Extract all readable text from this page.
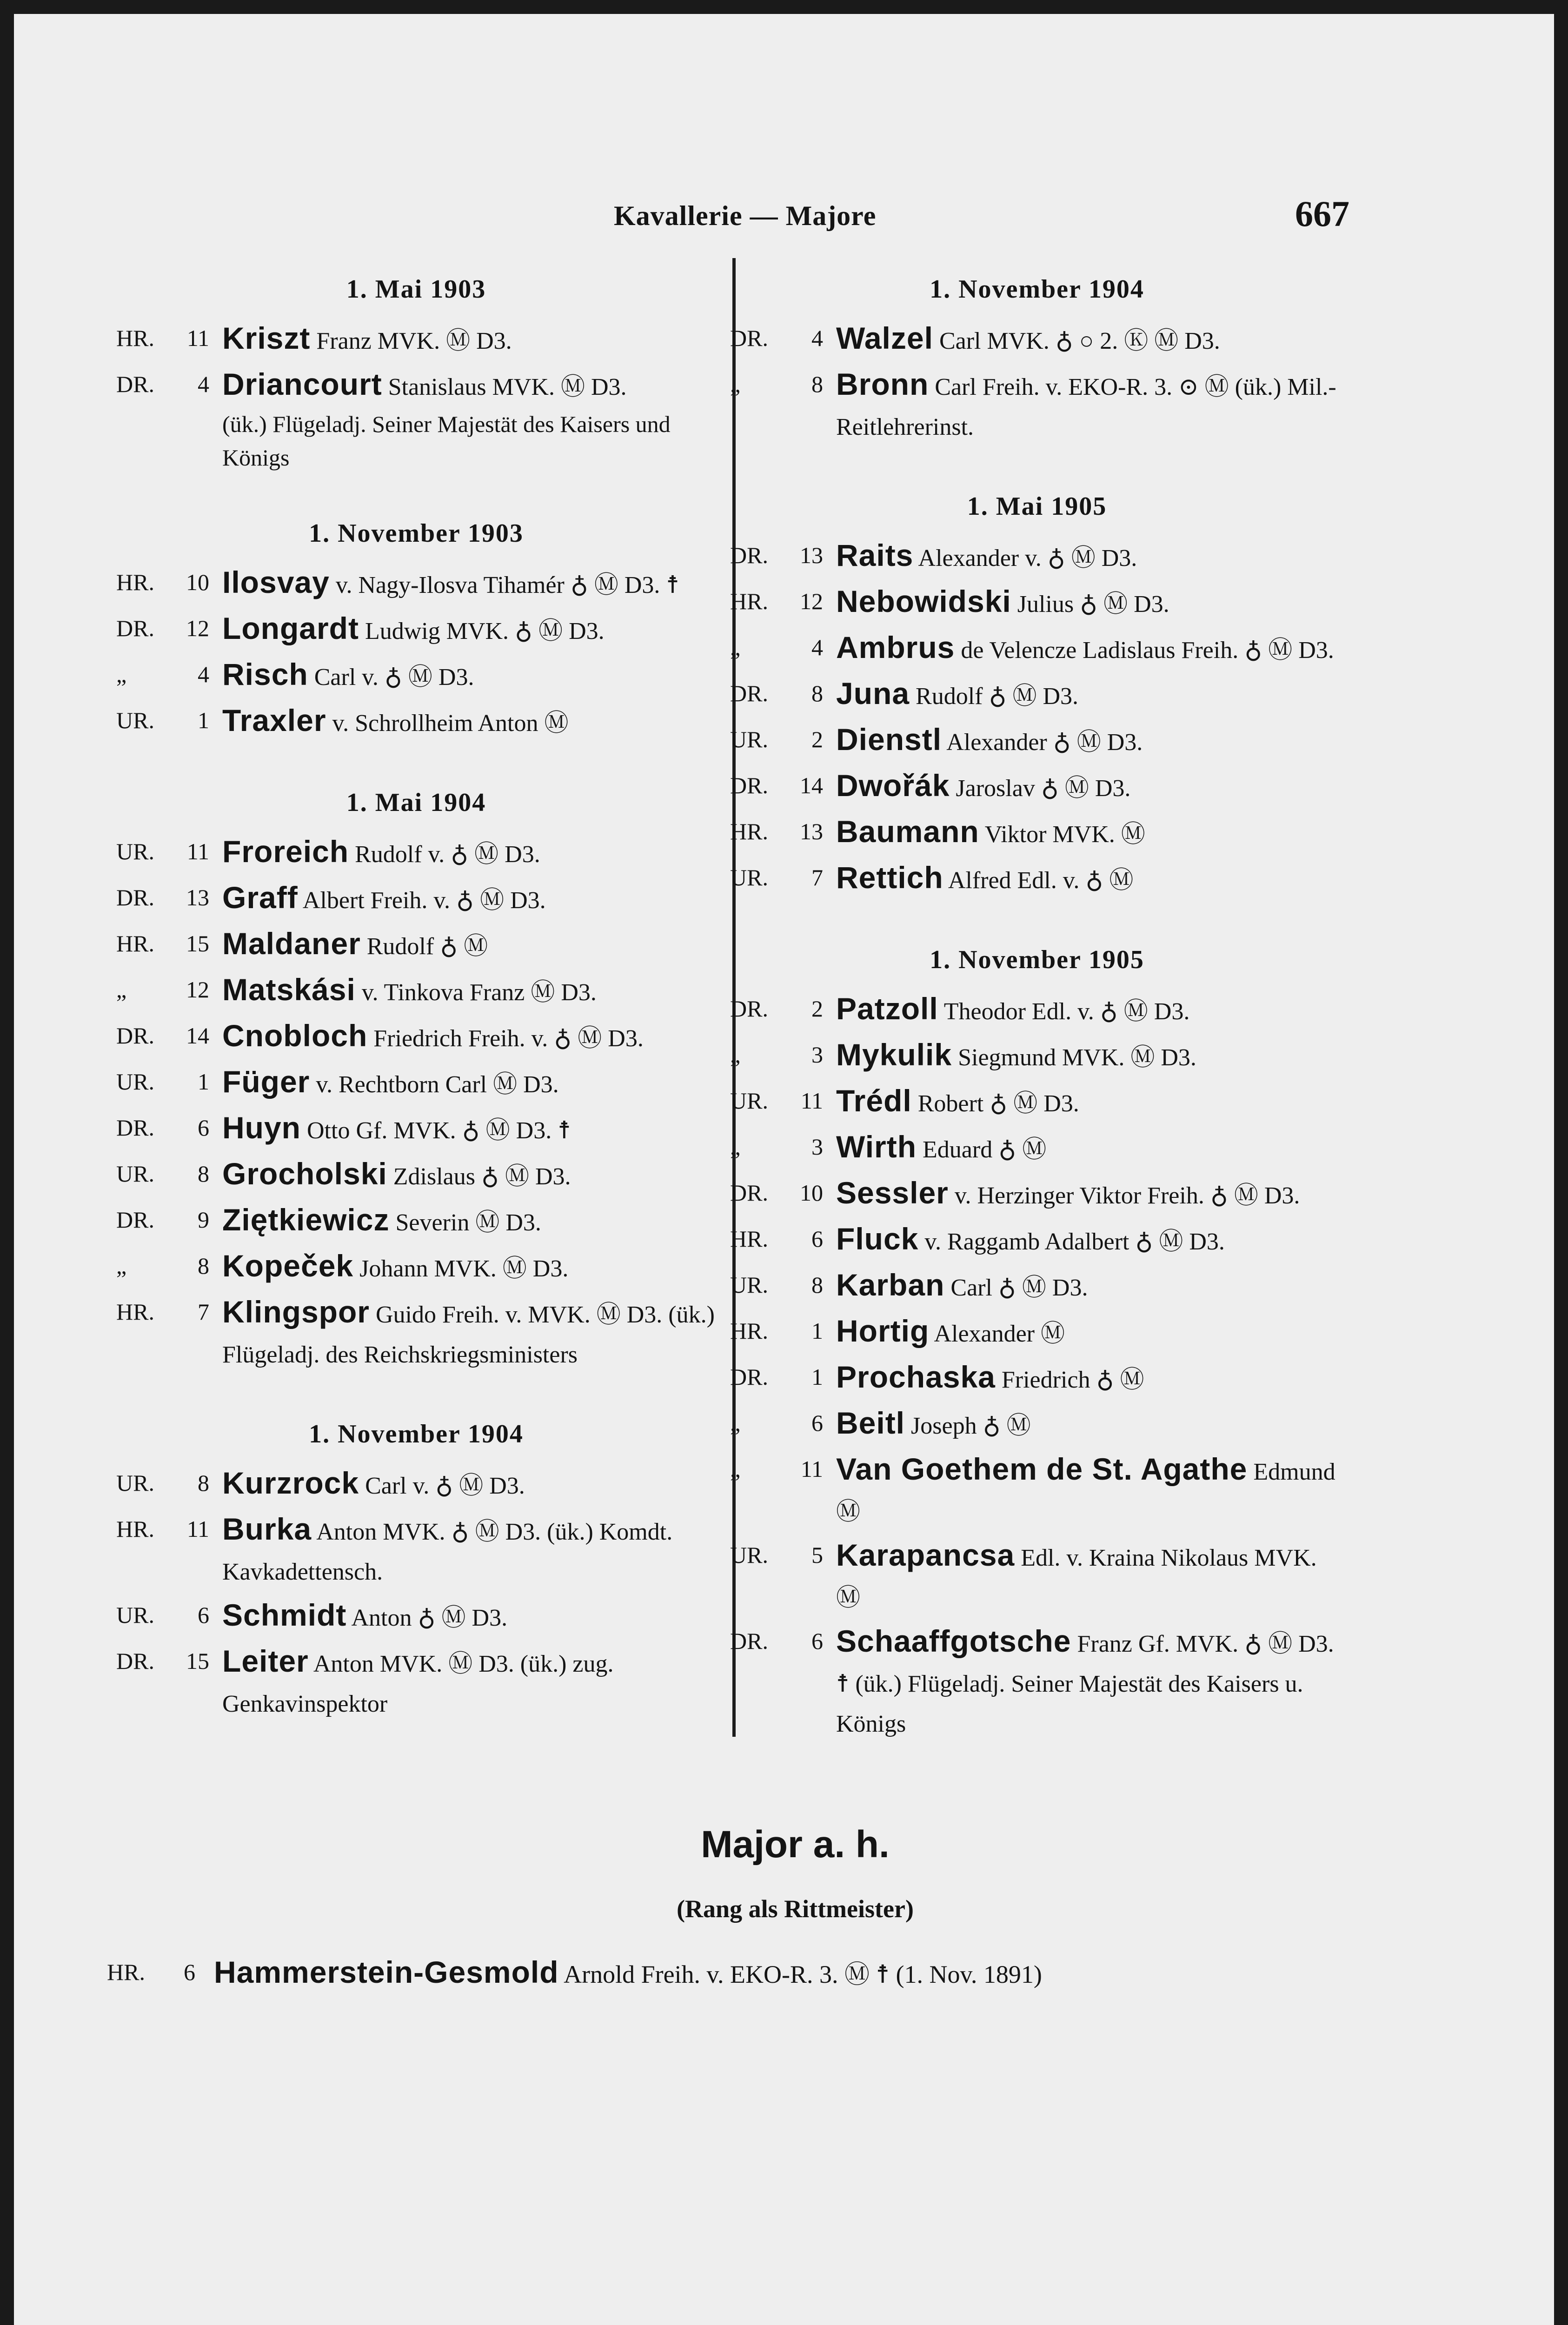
Kavallerie — Majore	667
1. Mai 1903
HR.	11 Kriszt Franz MVK. Ⓜ D3.
DR.	4 Driancourt Stanislaus MVK. Ⓜ D3.
(ük.) Flügeladj. Seiner Majestät des Kaisers und Königs
1. November 1903
HR.	10 Ilosvay v. Nagy-Ilosva Tihamér ♁ Ⓜ D3. ☨
DR.	12 Longardt Ludwig MVK. ♁ Ⓜ D3.
„	4 Risch Carl v. ♁ Ⓜ D3.
UR.	1 Traxler v. Schrollheim Anton Ⓜ
1. Mai 1904
UR.	11 Froreich Rudolf v. ♁ Ⓜ D3.
DR.	13 Graff Albert Freih. v. ♁ Ⓜ D3.
HR.	15 Maldaner Rudolf ♁ Ⓜ
„	12 Matskási v. Tinkova Franz Ⓜ D3.
DR.	14 Cnobloch Friedrich Freih. v. ♁ Ⓜ D3.
UR.	1 Füger v. Rechtborn Carl Ⓜ D3.
DR.	6 Huyn Otto Gf. MVK. ♁ Ⓜ D3. ☨
UR.	8 Grocholski Zdislaus ♁ Ⓜ D3.
DR.	9 Ziętkiewicz Severin Ⓜ D3.
„	8 Kopeček Johann MVK. Ⓜ D3.
HR.	7 Klingspor Guido Freih. v. MVK. Ⓜ D3. (ük.) Flügeladj. des Reichskriegsministers
1. November 1904
UR.	8 Kurzrock Carl v. ♁ Ⓜ D3.
HR.	11 Burka Anton MVK. ♁ Ⓜ D3. (ük.) Komdt. Kavkadettensch.
UR.	6 Schmidt Anton ♁ Ⓜ D3.
DR.	15 Leiter Anton MVK. Ⓜ D3. (ük.) zug. Genkavinspektor
1. November 1904
DR.	4 Walzel Carl MVK. ♁ ○ 2. Ⓚ Ⓜ D3.
„	8 Bronn Carl Freih. v. EKO-R. 3. ⊙ Ⓜ (ük.) Mil.-Reitlehrerinst.
1. Mai 1905
DR.	13 Raits Alexander v. ♁ Ⓜ D3.
HR.	12 Nebowidski Julius ♁ Ⓜ D3.
„	4 Ambrus de Velencze Ladislaus Freih. ♁ Ⓜ D3.
DR.	8 Juna Rudolf ♁ Ⓜ D3.
UR.	2 Dienstl Alexander ♁ Ⓜ D3.
DR.	14 Dwořák Jaroslav ♁ Ⓜ D3.
HR.	13 Baumann Viktor MVK. Ⓜ
UR.	7 Rettich Alfred Edl. v. ♁ Ⓜ
1. November 1905
DR.	2 Patzoll Theodor Edl. v. ♁ Ⓜ D3.
„	3 Mykulik Siegmund MVK. Ⓜ D3.
UR.	11 Trédl Robert ♁ Ⓜ D3.
„	3 Wirth Eduard ♁ Ⓜ
DR.	10 Sessler v. Herzinger Viktor Freih. ♁ Ⓜ D3.
HR.	6 Fluck v. Raggamb Adalbert ♁ Ⓜ D3.
UR.	8 Karban Carl ♁ Ⓜ D3.
HR.	1 Hortig Alexander Ⓜ
DR.	1 Prochaska Friedrich ♁ Ⓜ
„	6 Beitl Joseph ♁ Ⓜ
„	11 Van Goethem de St. Agathe Edmund Ⓜ
UR.	5 Karapancsa Edl. v. Kraina Nikolaus MVK. Ⓜ
DR.	6 Schaaffgotsche Franz Gf. MVK. ♁ Ⓜ D3. ☨ (ük.) Flügeladj. Seiner Majestät des Kaisers u. Königs
Major a. h.
(Rang als Rittmeister)
HR.	6 Hammerstein-Gesmold Arnold Freih. v. EKO-R. 3. Ⓜ ☨ (1. Nov. 1891)
